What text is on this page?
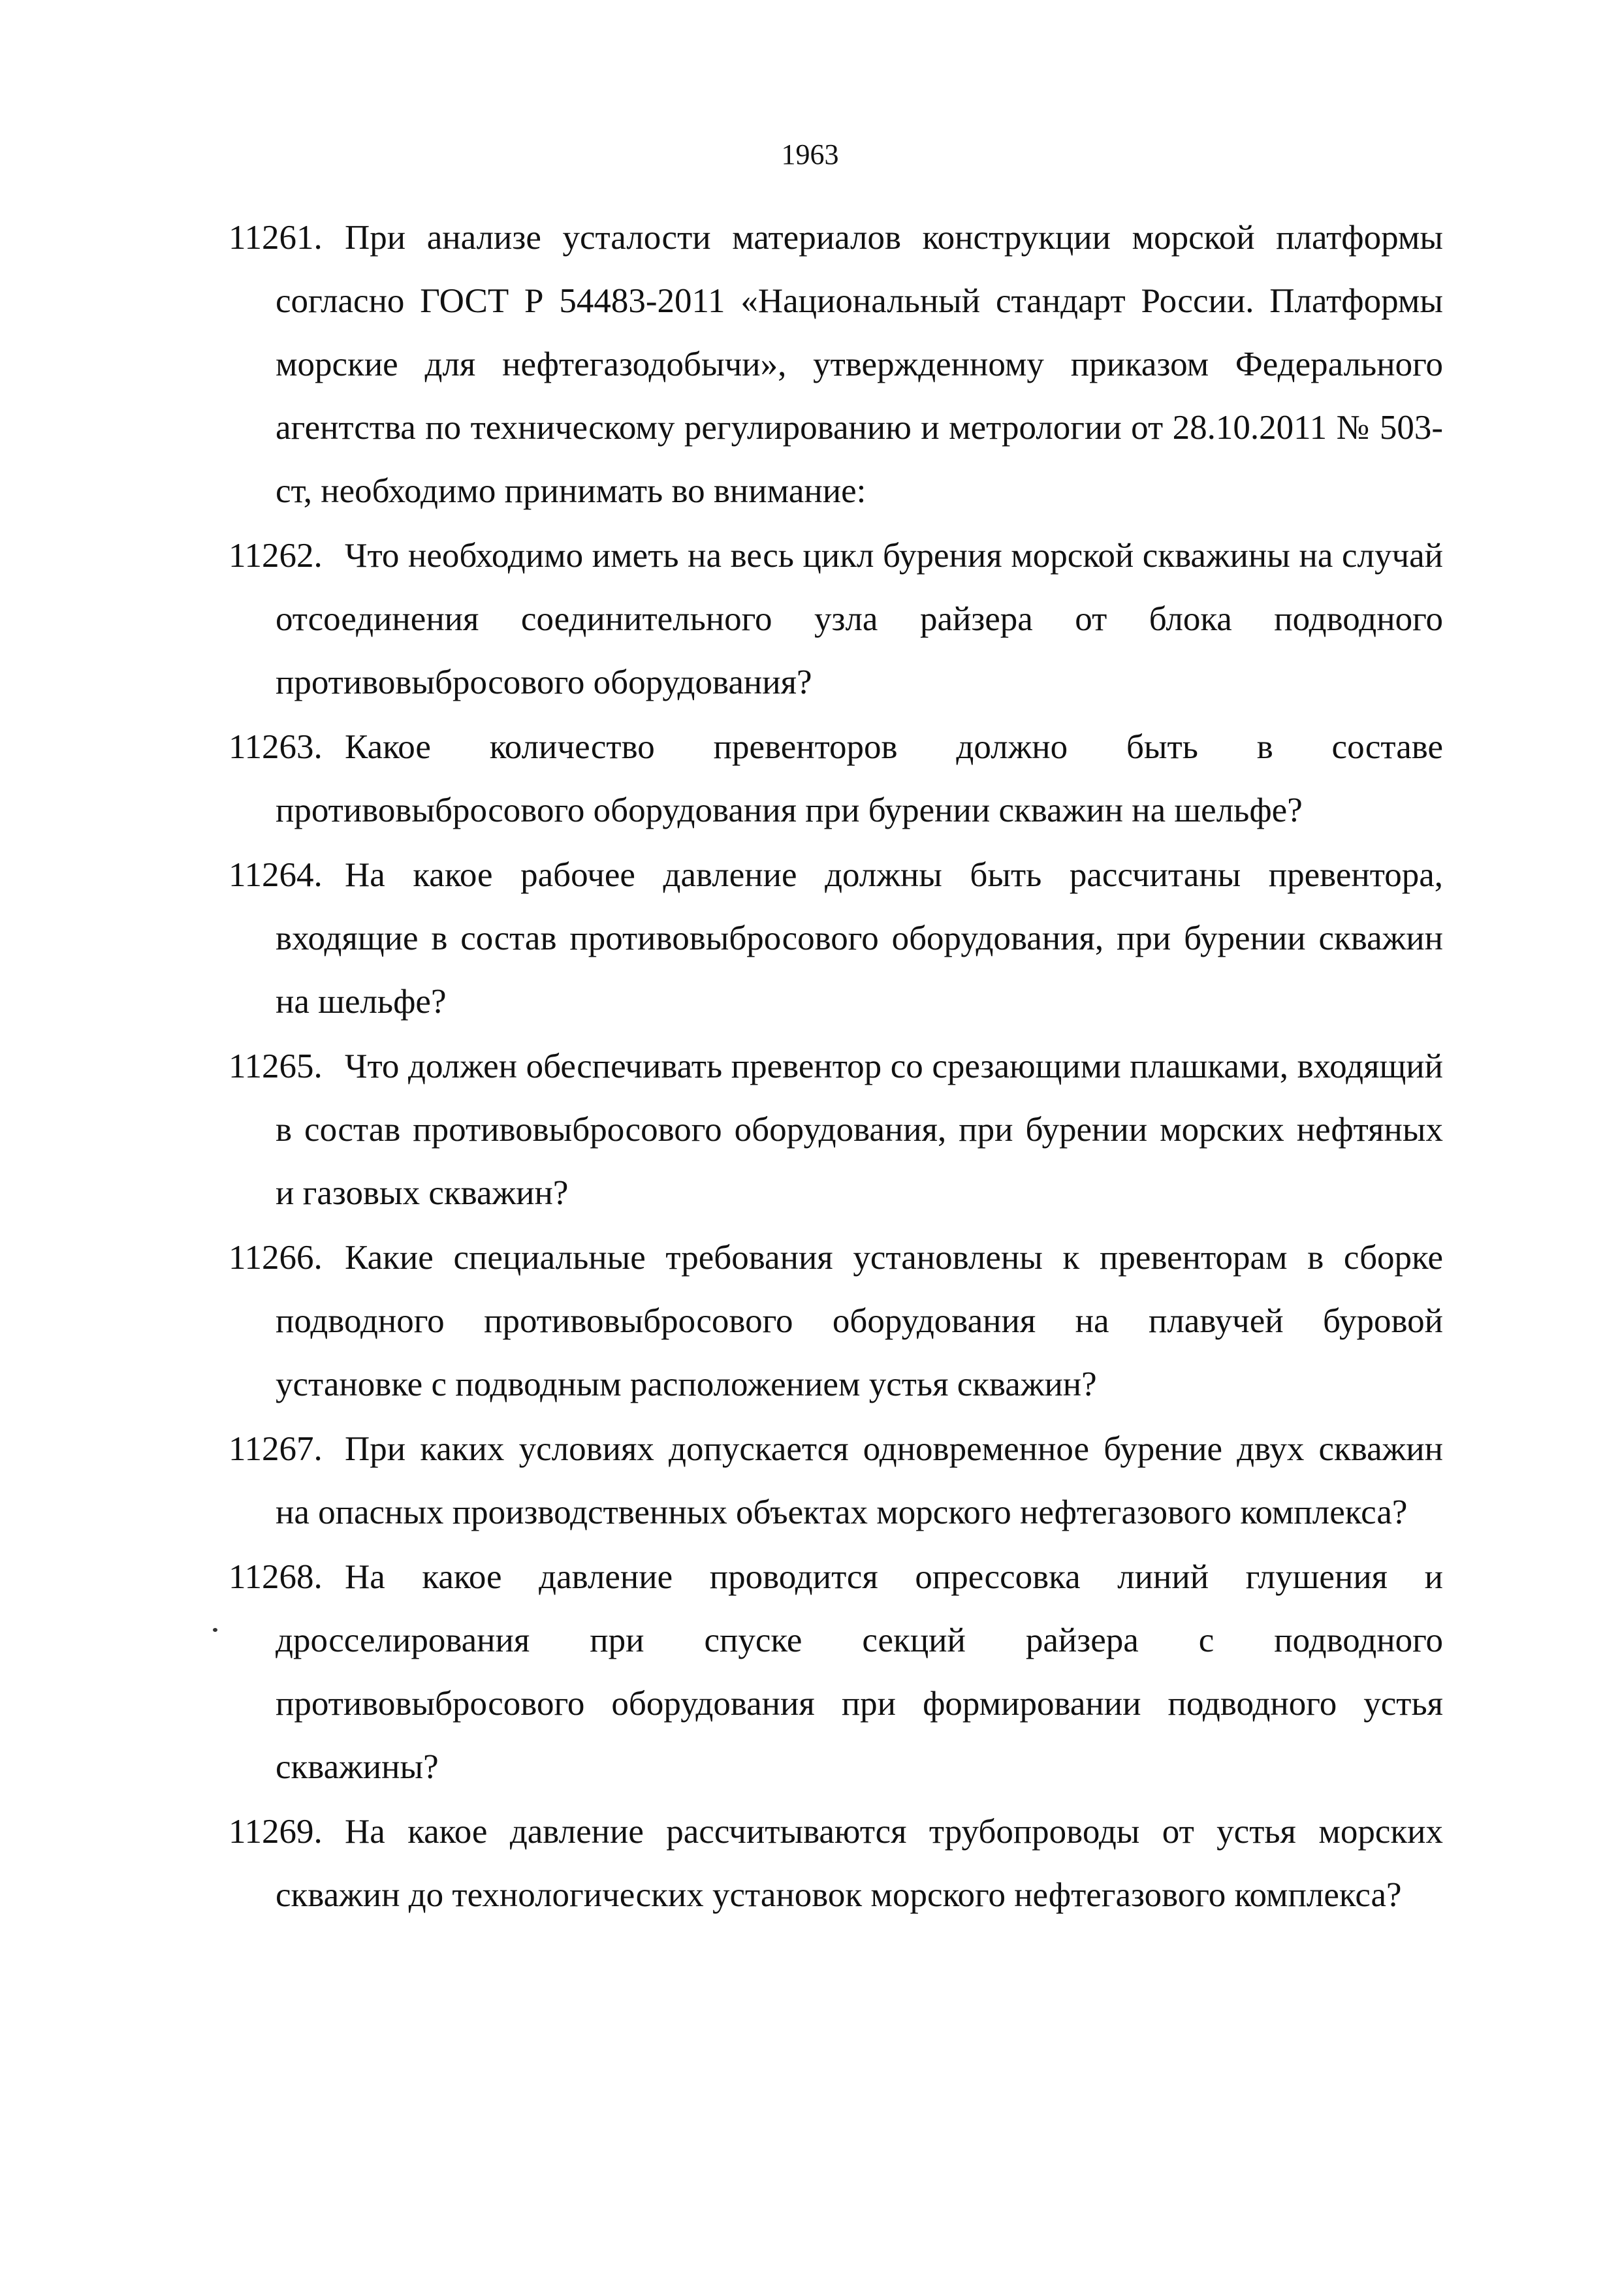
1963
11261. При анализе усталости материалов конструкции морской платформы согласно ГОСТ Р 54483-2011 «Национальный стандарт России. Платформы морские для нефтегазодобычи», утвержденному приказом Федерального агентства по техническому регулированию и метрологии от 28.10.2011 № 503-ст, необходимо принимать во внимание:
11262. Что необходимо иметь на весь цикл бурения морской скважины на случай отсоединения соединительного узла райзера от блока подводного противовыбросового оборудования?
11263. Какое количество превенторов должно быть в составе противовыбросового оборудования при бурении скважин на шельфе?
11264. На какое рабочее давление должны быть рассчитаны превентора, входящие в состав противовыбросового оборудования, при бурении скважин на шельфе?
11265. Что должен обеспечивать превентор со срезающими плашками, входящий в состав противовыбросового оборудования, при бурении морских нефтяных и газовых скважин?
11266. Какие специальные требования установлены к превенторам в сборке подводного противовыбросового оборудования на плавучей буровой установке с подводным расположением устья скважин?
11267. При каких условиях допускается одновременное бурение двух скважин на опасных производственных объектах морского нефтегазового комплекса?
11268. На какое давление проводится опрессовка линий глушения и дросселирования при спуске секций райзера с подводного противовыбросового оборудования при формировании подводного устья скважины?
11269. На какое давление рассчитываются трубопроводы от устья морских скважин до технологических установок морского нефтегазового комплекса?
